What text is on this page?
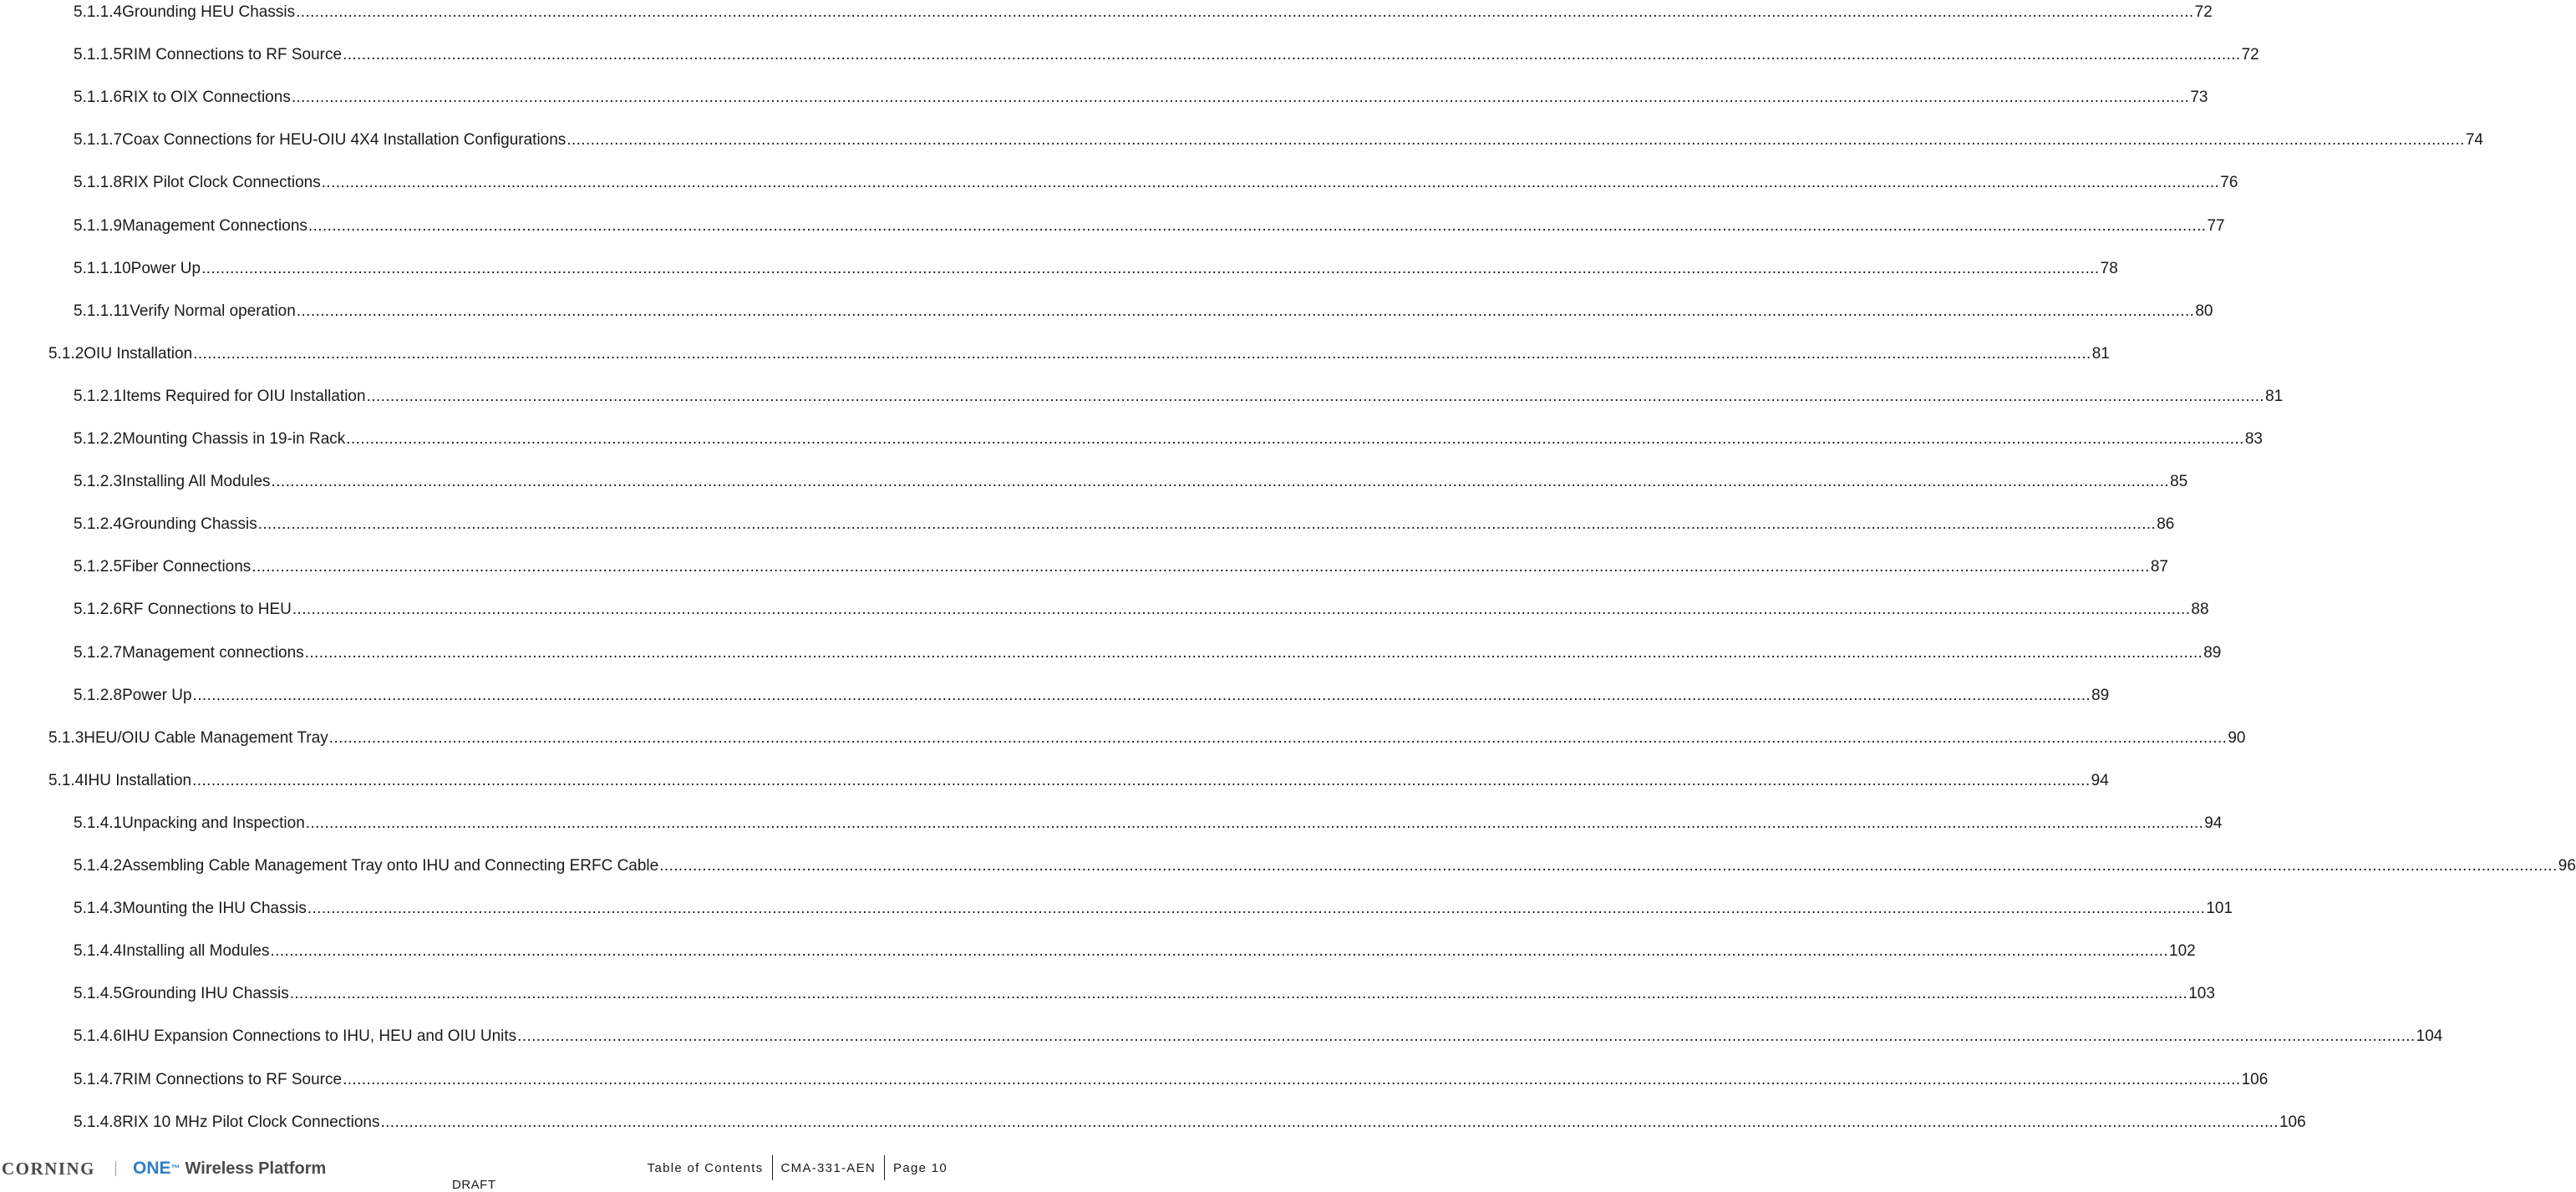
5.1.1.4 Grounding HEU Chassis ................................................................................................................................................................................................................................................................................................................................................................................................................ 72
5.1.1.5 RIM Connections to RF Source ................................................................................................................................................................................................................................................................................................................................................................................................................ 72
5.1.1.6 RIX to OIX Connections ................................................................................................................................................................................................................................................................................................................................................................................................................ 73
5.1.1.7 Coax Connections for HEU-OIU 4X4 Installation Configurations ................................................................................................................................................................................................................................................................................................................................................................................................................ 74
5.1.1.8 RIX Pilot Clock Connections ................................................................................................................................................................................................................................................................................................................................................................................................................ 76
5.1.1.9 Management Connections ................................................................................................................................................................................................................................................................................................................................................................................................................ 77
5.1.1.10 Power Up ................................................................................................................................................................................................................................................................................................................................................................................................................ 78
5.1.1.11 Verify Normal operation ................................................................................................................................................................................................................................................................................................................................................................................................................ 80
5.1.2 OIU Installation ................................................................................................................................................................................................................................................................................................................................................................................................................ 81
5.1.2.1 Items Required for OIU Installation ................................................................................................................................................................................................................................................................................................................................................................................................................ 81
5.1.2.2 Mounting Chassis in 19-in Rack ................................................................................................................................................................................................................................................................................................................................................................................................................ 83
5.1.2.3 Installing All Modules ................................................................................................................................................................................................................................................................................................................................................................................................................ 85
5.1.2.4 Grounding Chassis ................................................................................................................................................................................................................................................................................................................................................................................................................ 86
5.1.2.5 Fiber Connections ................................................................................................................................................................................................................................................................................................................................................................................................................ 87
5.1.2.6 RF Connections to HEU ................................................................................................................................................................................................................................................................................................................................................................................................................ 88
5.1.2.7 Management connections ................................................................................................................................................................................................................................................................................................................................................................................................................ 89
5.1.2.8 Power Up ................................................................................................................................................................................................................................................................................................................................................................................................................ 89
5.1.3 HEU/OIU Cable Management Tray ................................................................................................................................................................................................................................................................................................................................................................................................................ 90
5.1.4 IHU Installation ................................................................................................................................................................................................................................................................................................................................................................................................................ 94
5.1.4.1 Unpacking and Inspection ................................................................................................................................................................................................................................................................................................................................................................................................................ 94
5.1.4.2 Assembling Cable Management Tray onto IHU and Connecting ERFC Cable ................................................................................................................................................................................................................................................................................................................................................................................................................ 96
5.1.4.3 Mounting the IHU Chassis ................................................................................................................................................................................................................................................................................................................................................................................................................ 101
5.1.4.4 Installing all Modules ................................................................................................................................................................................................................................................................................................................................................................................................................ 102
5.1.4.5 Grounding IHU Chassis ................................................................................................................................................................................................................................................................................................................................................................................................................ 103
5.1.4.6 IHU Expansion Connections to IHU, HEU and OIU Units ................................................................................................................................................................................................................................................................................................................................................................................................................ 104
5.1.4.7 RIM Connections to RF Source ................................................................................................................................................................................................................................................................................................................................................................................................................ 106
5.1.4.8 RIX 10 MHz Pilot Clock Connections ................................................................................................................................................................................................................................................................................................................................................................................................................ 106
CORNING ONE ™ Wireless Platform	Table of Contents	CMA-331-AEN	Page 10
DRAFT
